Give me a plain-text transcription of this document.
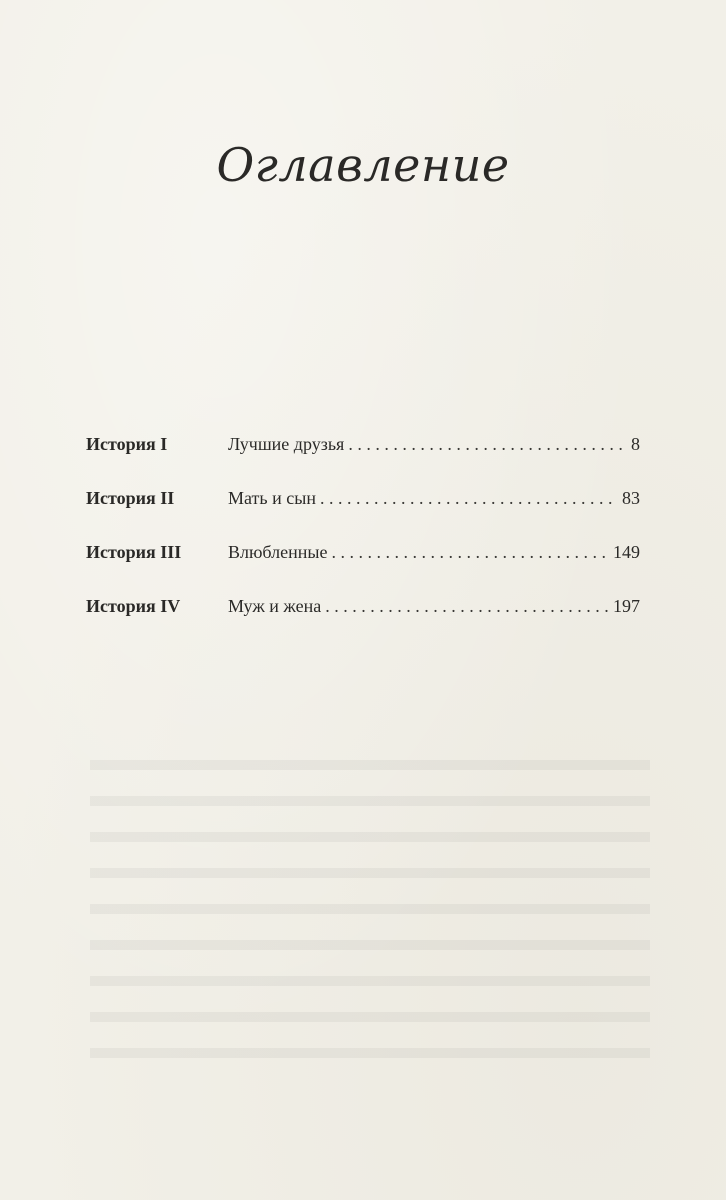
Оглавление
История I	Лучшие друзья . . .	8
История II	Мать и сын . . .	83
История III	Влюбленные . . .	149
История IV	Муж и жена . . .	197
